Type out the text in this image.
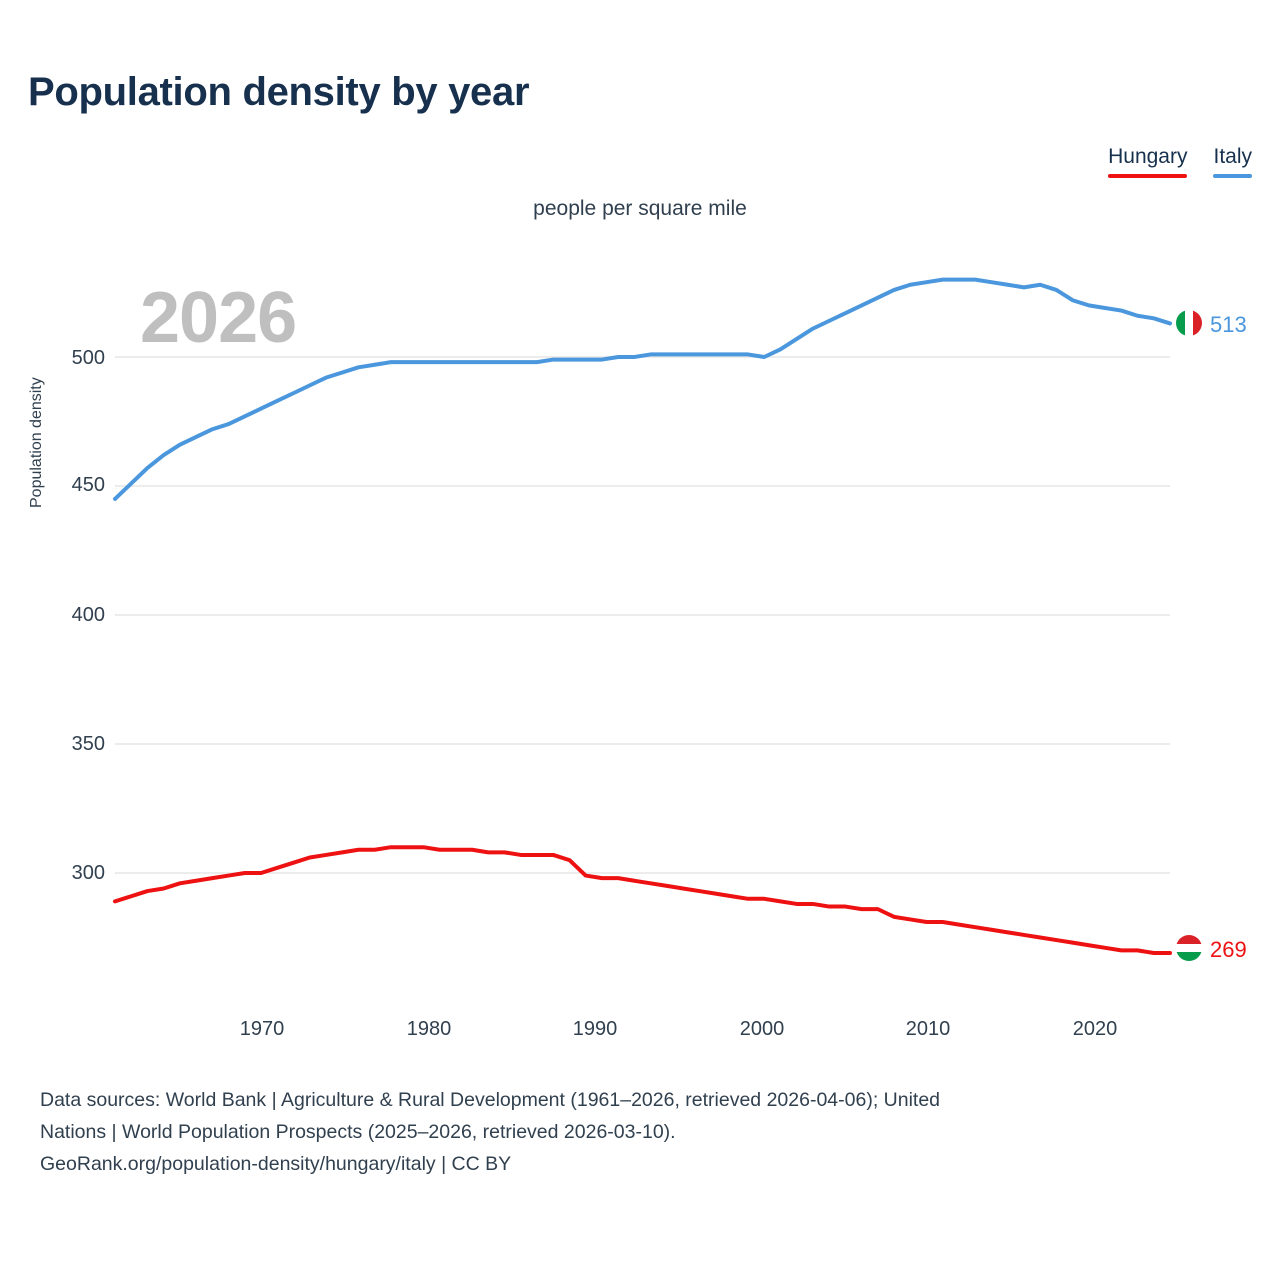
Population density by year
Hungary Italy
people per square mile
2026
Population density
500
450
400
350
300
1970	1980	1990	2000	2010	2020
513
269
Data sources: World Bank | Agriculture & Rural Development (1961–2026, retrieved 2026-04-06); United
Nations | World Population Prospects (2025–2026, retrieved 2026-03-10).
GeoRank.org/population-density/hungary/italy | CC BY
